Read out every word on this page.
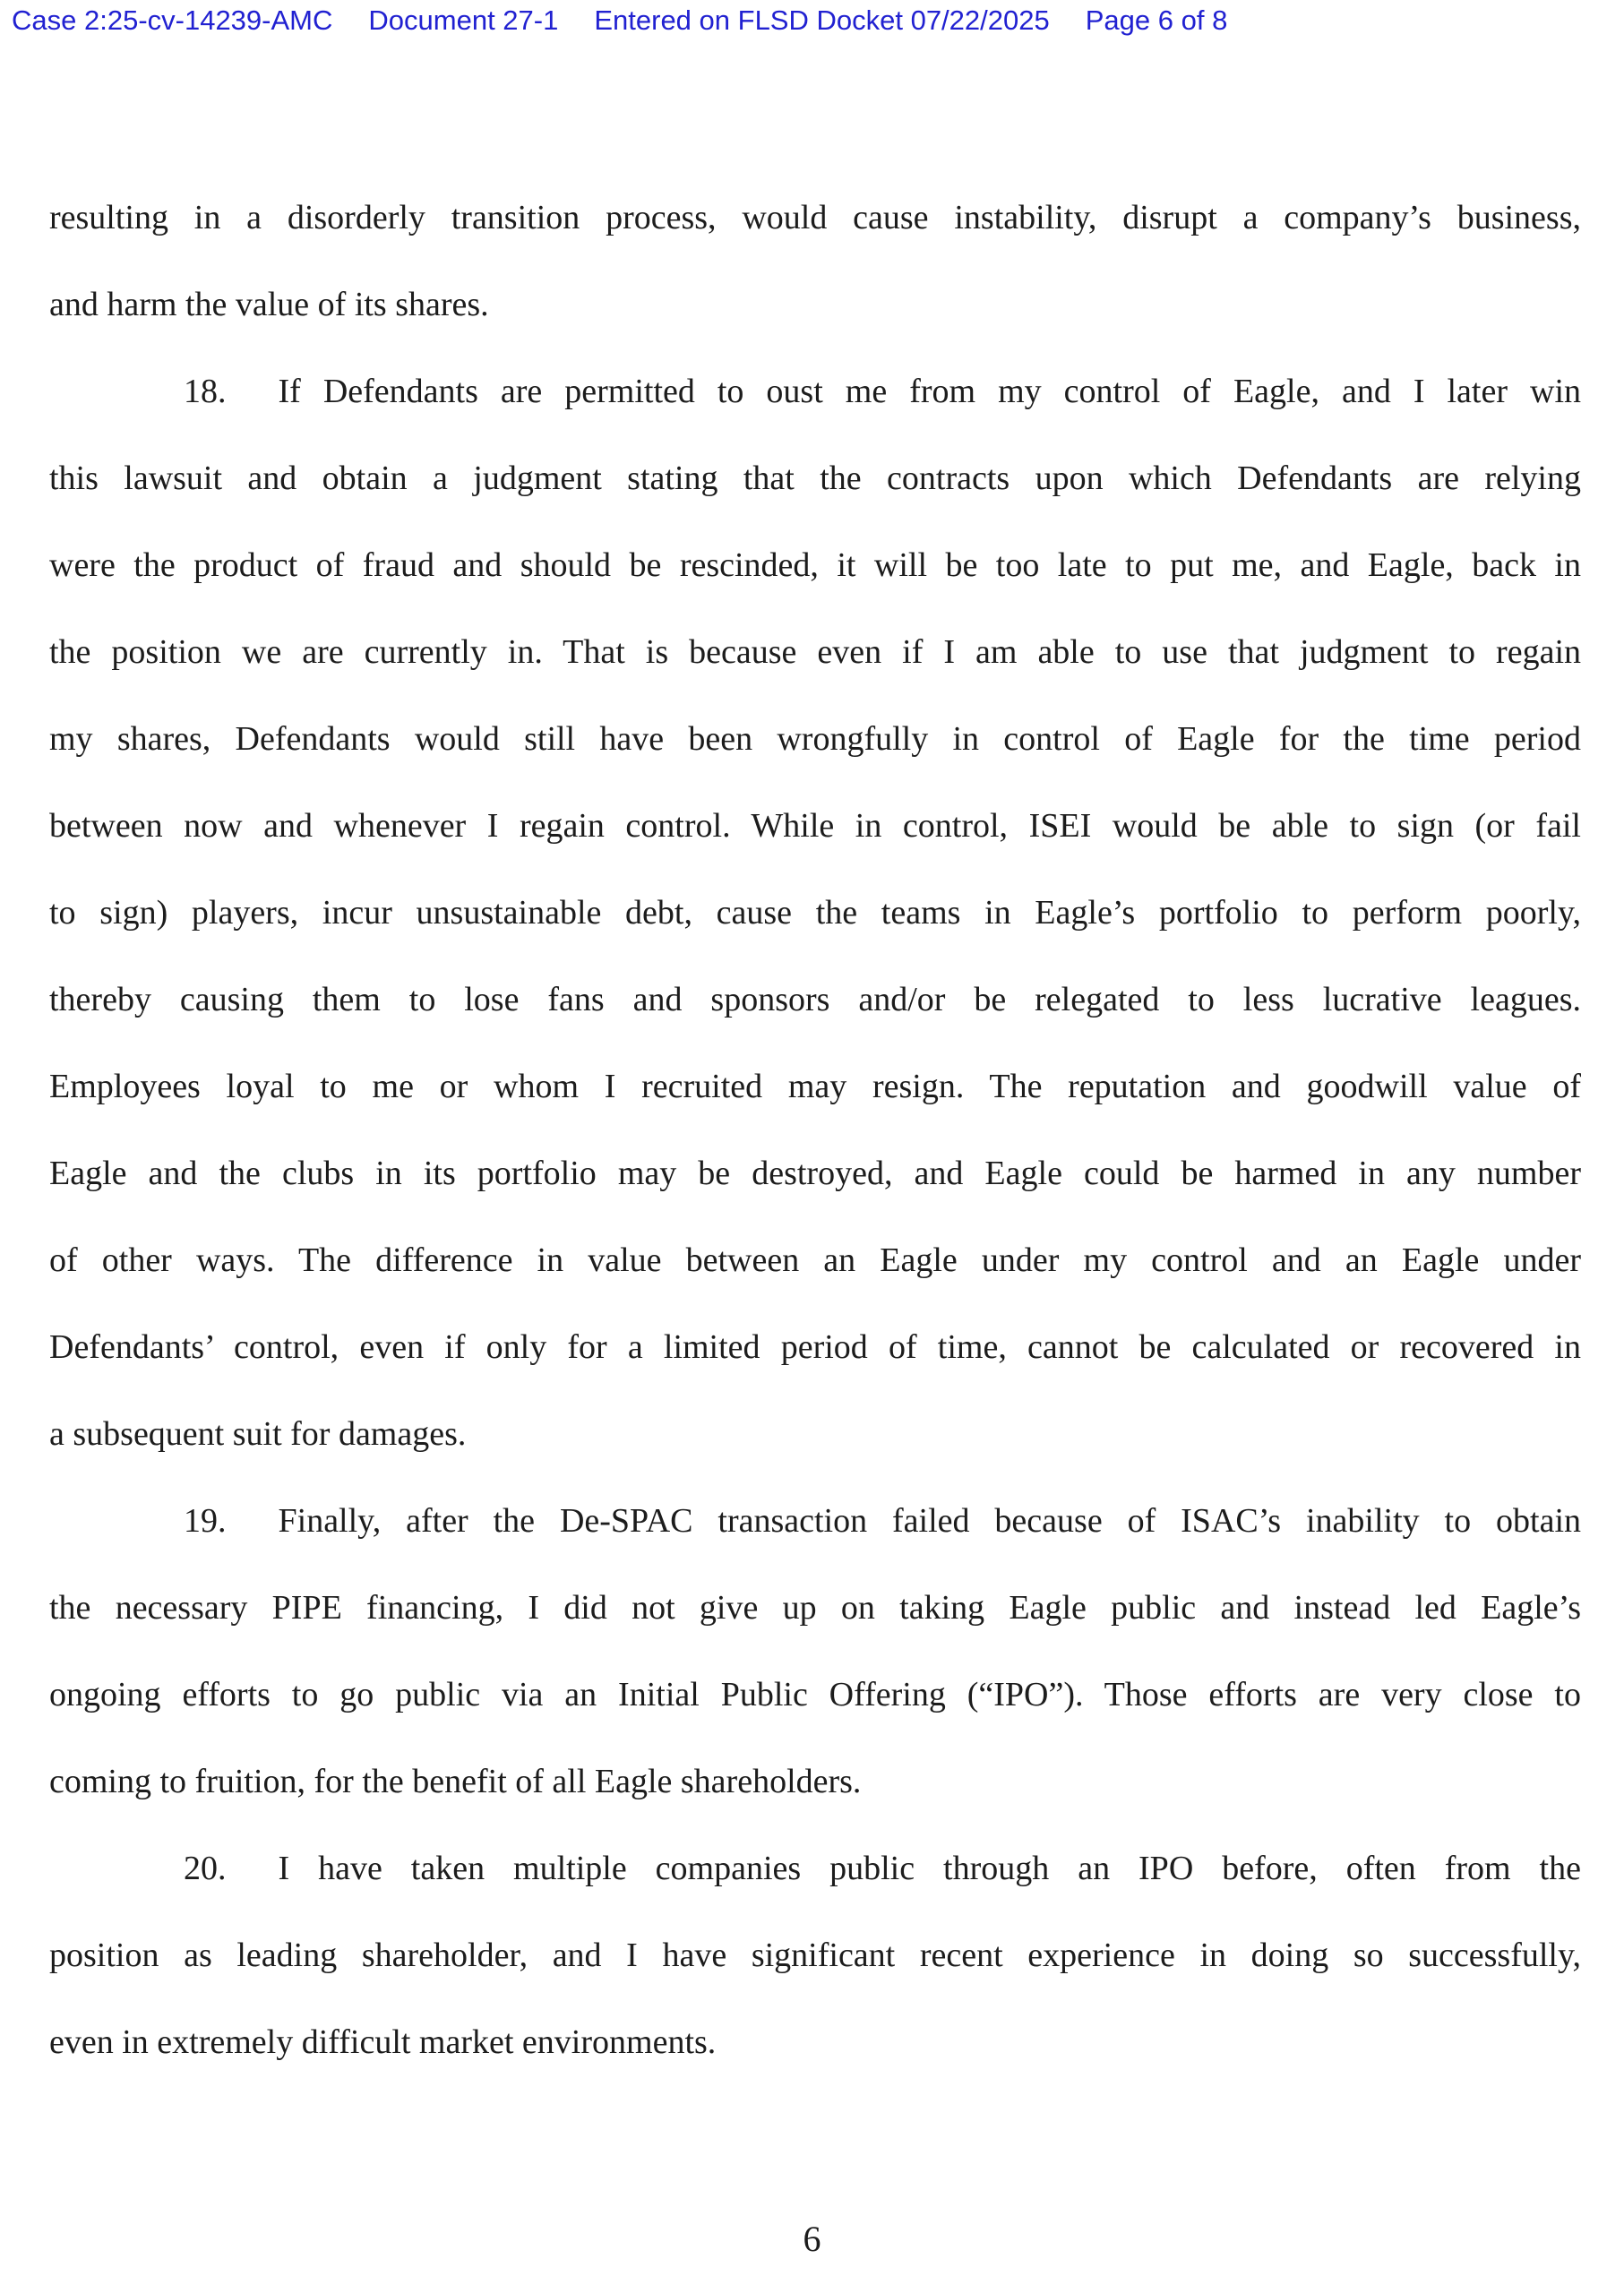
Case 2:25-cv-14239-AMC Document 27-1 Entered on FLSD Docket 07/22/2025 Page 6 of 8
resulting in a disorderly transition process, would cause instability, disrupt a company’s business,
and harm the value of its shares.
18. If Defendants are permitted to oust me from my control of Eagle, and I later win
this lawsuit and obtain a judgment stating that the contracts upon which Defendants are relying
were the product of fraud and should be rescinded, it will be too late to put me, and Eagle, back in
the position we are currently in. That is because even if I am able to use that judgment to regain
my shares, Defendants would still have been wrongfully in control of Eagle for the time period
between now and whenever I regain control. While in control, ISEI would be able to sign (or fail
to sign) players, incur unsustainable debt, cause the teams in Eagle’s portfolio to perform poorly,
thereby causing them to lose fans and sponsors and/or be relegated to less lucrative leagues.
Employees loyal to me or whom I recruited may resign. The reputation and goodwill value of
Eagle and the clubs in its portfolio may be destroyed, and Eagle could be harmed in any number
of other ways. The difference in value between an Eagle under my control and an Eagle under
Defendants’ control, even if only for a limited period of time, cannot be calculated or recovered in
a subsequent suit for damages.
19. Finally, after the De-SPAC transaction failed because of ISAC’s inability to obtain
the necessary PIPE financing, I did not give up on taking Eagle public and instead led Eagle’s
ongoing efforts to go public via an Initial Public Offering (“IPO”). Those efforts are very close to
coming to fruition, for the benefit of all Eagle shareholders.
20. I have taken multiple companies public through an IPO before, often from the
position as leading shareholder, and I have significant recent experience in doing so successfully,
even in extremely difficult market environments.
6
